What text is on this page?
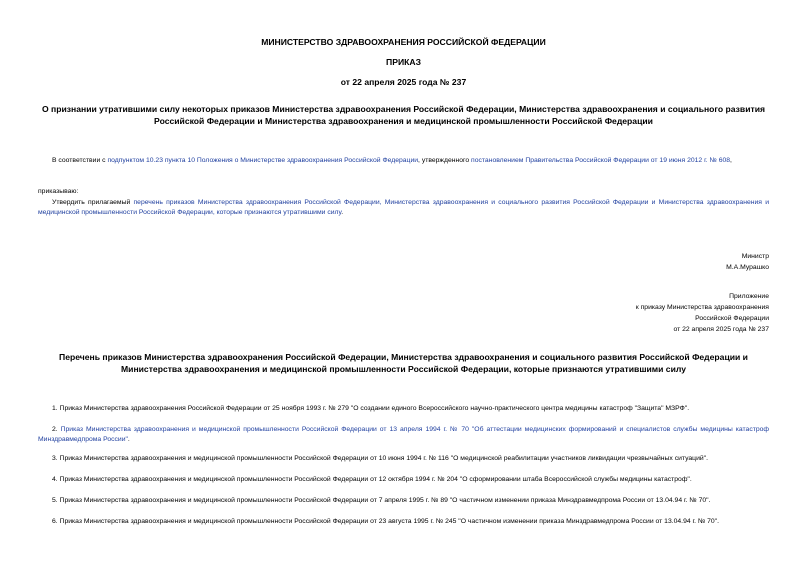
МИНИСТЕРСТВО ЗДРАВООХРАНЕНИЯ РОССИЙСКОЙ ФЕДЕРАЦИИ
ПРИКАЗ
от 22 апреля 2025 года № 237
О признании утратившими силу некоторых приказов Министерства здравоохранения Российской Федерации, Министерства здравоохранения и социального развития Российской Федерации и Министерства здравоохранения и медицинской промышленности Российской Федерации
В соответствии с подпунктом 10.23 пункта 10 Положения о Министерстве здравоохранения Российской Федерации, утвержденного постановлением Правительства Российской Федерации от 19 июня 2012 г. № 608,
приказываю:
Утвердить прилагаемый перечень приказов Министерства здравоохранения Российской Федерации, Министерства здравоохранения и социального развития Российской Федерации и Министерства здравоохранения и медицинской промышленности Российской Федерации, которые признаются утратившими силу.
Министр
М.А.Мурашко
Приложение
к приказу Министерства здравоохранения
Российской Федерации
от 22 апреля 2025 года № 237
Перечень приказов Министерства здравоохранения Российской Федерации, Министерства здравоохранения и социального развития Российской Федерации и Министерства здравоохранения и медицинской промышленности Российской Федерации, которые признаются утратившими силу
1. Приказ Министерства здравоохранения Российской Федерации от 25 ноября 1993 г. № 279 "О создании единого Всероссийского научно-практического центра медицины катастроф "Защита" МЗРФ".
2. Приказ Министерства здравоохранения и медицинской промышленности Российской Федерации от 13 апреля 1994 г. № 70 "Об аттестации медицинских формирований и специалистов службы медицины катастроф Минздравмедпрома России".
3. Приказ Министерства здравоохранения и медицинской промышленности Российской Федерации от 10 июня 1994 г. № 116 "О медицинской реабилитации участников ликвидации чрезвычайных ситуаций".
4. Приказ Министерства здравоохранения и медицинской промышленности Российской Федерации от 12 октября 1994 г. № 204 "О сформировании штаба Всероссийской службы медицины катастроф".
5. Приказ Министерства здравоохранения и медицинской промышленности Российской Федерации от 7 апреля 1995 г. № 89 "О частичном изменении приказа Минздравмедпрома России от 13.04.94 г. № 70".
6. Приказ Министерства здравоохранения и медицинской промышленности Российской Федерации от 23 августа 1995 г. № 245 "О частичном изменении приказа Минздравмедпрома России от 13.04.94 г. № 70".
